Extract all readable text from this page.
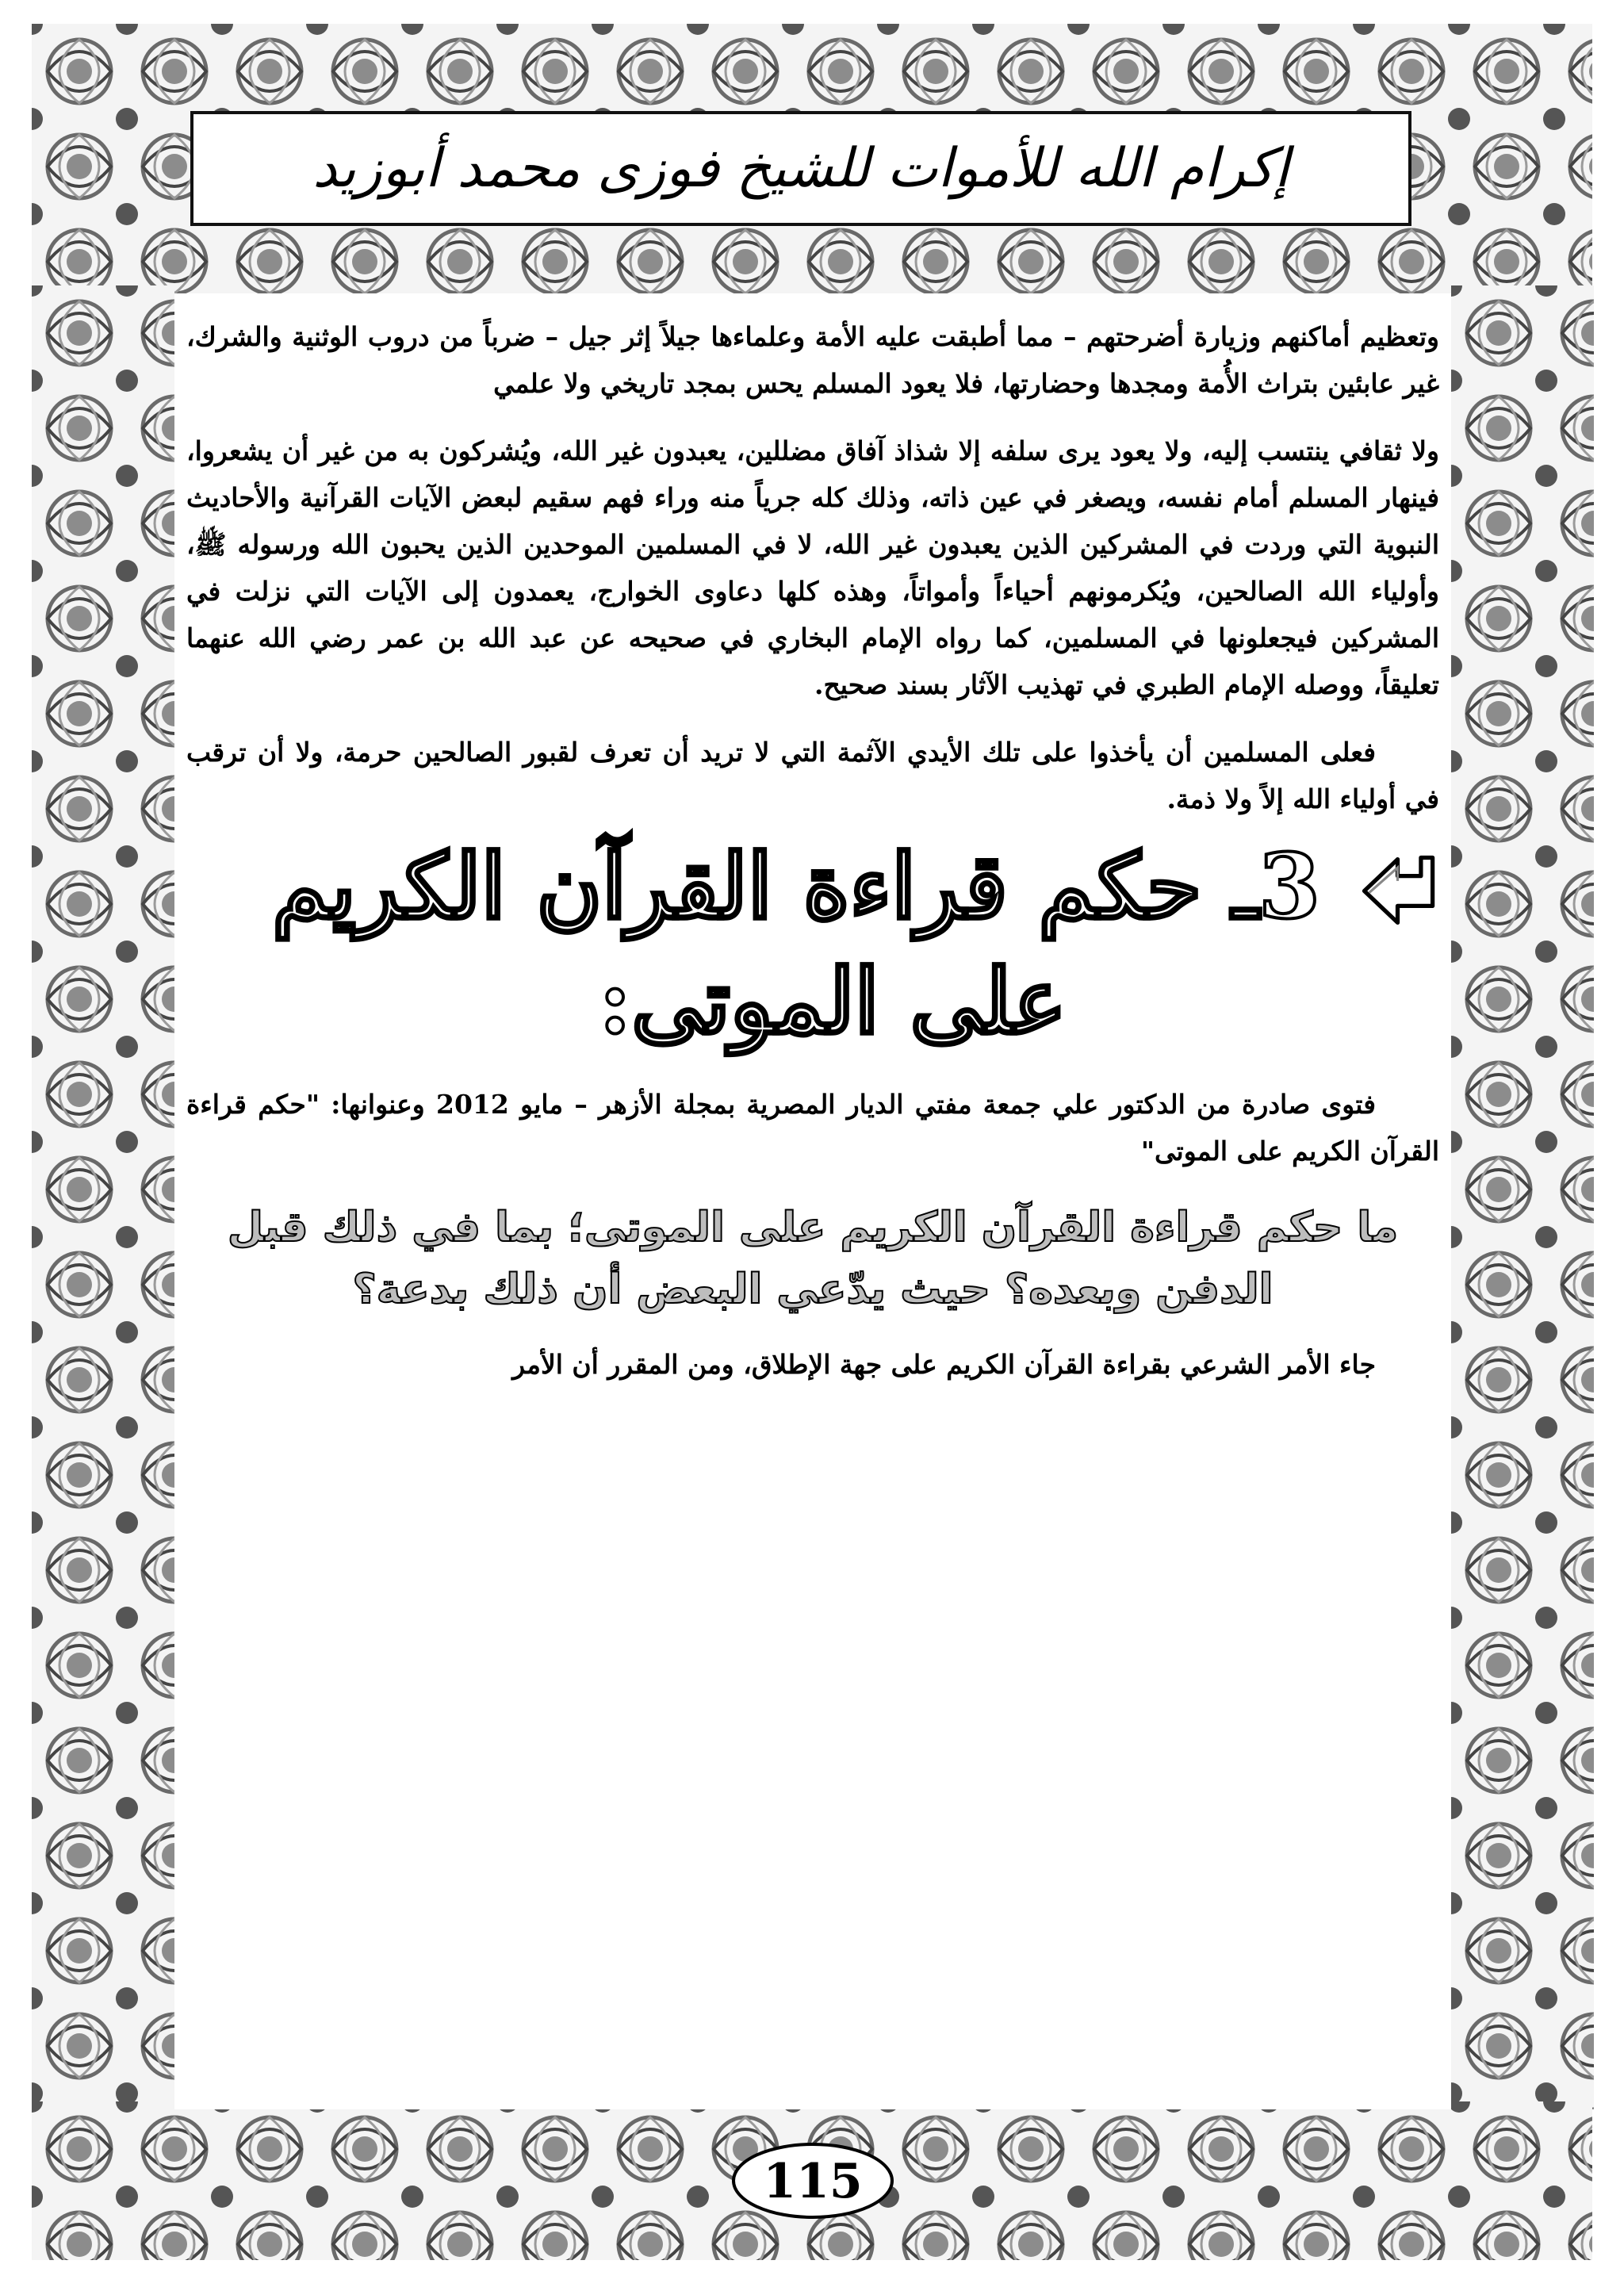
إكرام الله للأموات للشيخ فوزى محمد أبوزيد

وتعظيم أماكنهم وزيارة أضرحتهم – مما أطبقت عليه الأمة وعلماءها جيلاً إثر جيل – ضرباً من دروب الوثنية والشرك، غير عابئين بتراث الأُمة ومجدها وحضارتها، فلا يعود المسلم يحس بمجد تاريخي ولا علمي

ولا ثقافي ينتسب إليه، ولا يعود يرى سلفه إلا شذاذ آفاق مضللين، يعبدون غير الله، ويُشركون به من غير أن يشعروا، فينهار المسلم أمام نفسه، ويصغر في عين ذاته، وذلك كله جرياً منه وراء فهم سقيم لبعض الآيات القرآنية والأحاديث النبوية التي وردت في المشركين الذين يعبدون غير الله، لا في المسلمين الموحدين الذين يحبون الله ورسوله ﷺ، وأولياء الله الصالحين، ويُكرمونهم أحياءاً وأمواتاً، وهذه كلها دعاوى الخوارج، يعمدون إلى الآيات التي نزلت في المشركين فيجعلونها في المسلمين، كما رواه الإمام البخاري في صحيحه عن عبد الله بن عمر رضي الله عنهما تعليقاً، ووصله الإمام الطبري في تهذيب الآثار بسند صحيح.

فعلى المسلمين أن يأخذوا على تلك الأيدي الآثمة التي لا تريد أن تعرف لقبور الصالحين حرمة، ولا أن ترقب في أولياء الله إلاً ولا ذمة.

3ـ حكم قراءة القرآن الكريم
على الموتى:

فتوى صادرة من الدكتور علي جمعة مفتي الديار المصرية بمجلة الأزهر – مايو 2012 وعنوانها: "حكم قراءة القرآن الكريم على الموتى"

ما حكم قراءة القرآن الكريم على الموتى؛ بما في ذلك قبل الدفن وبعده؟ حيث يدّعي البعض أن ذلك بدعة؟

جاء الأمر الشرعي بقراءة القرآن الكريم على جهة الإطلاق، ومن المقرر أن الأمر

115
